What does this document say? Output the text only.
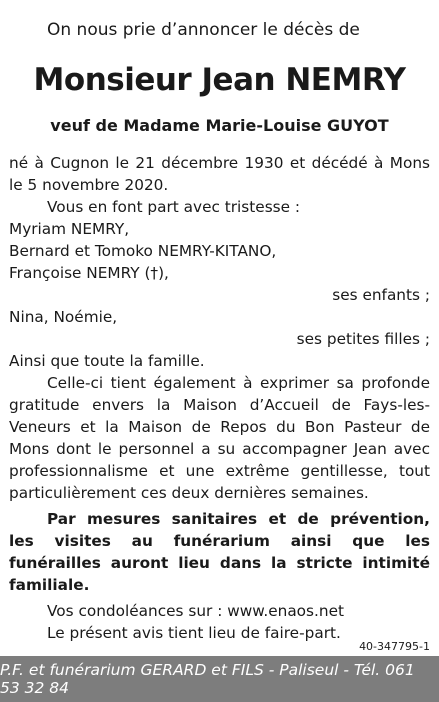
On nous prie d’annoncer le décès de
Monsieur Jean NEMRY
veuf de Madame Marie-Louise GUYOT

né à Cugnon le 21 décembre 1930 et décédé à Mons le 5 novembre 2020.

Vous en font part avec tristesse :

Myriam NEMRY,

Bernard et Tomoko NEMRY-KITANO,

Françoise NEMRY (†),

ses enfants ;

Nina, Noémie,

ses petites filles ;

Ainsi que toute la famille.

Celle-ci tient également à exprimer sa profonde gratitude envers la Maison d’Accueil de Fays-les-Veneurs et la Maison de Repos du Bon Pasteur de Mons dont le personnel a su accompagner Jean avec professionnalisme et une extrême gentillesse, tout particulièrement ces deux dernières semaines.

Par mesures sanitaires et de prévention, les visites au funérarium ainsi que les funérailles auront lieu dans la stricte intimité familiale.

Vos condoléances sur : www.enaos.net

Le présent avis tient lieu de faire-part.

40-347795-1
P.F. et funérarium GERARD et FILS - Paliseul - Tél. 061 53 32 84
